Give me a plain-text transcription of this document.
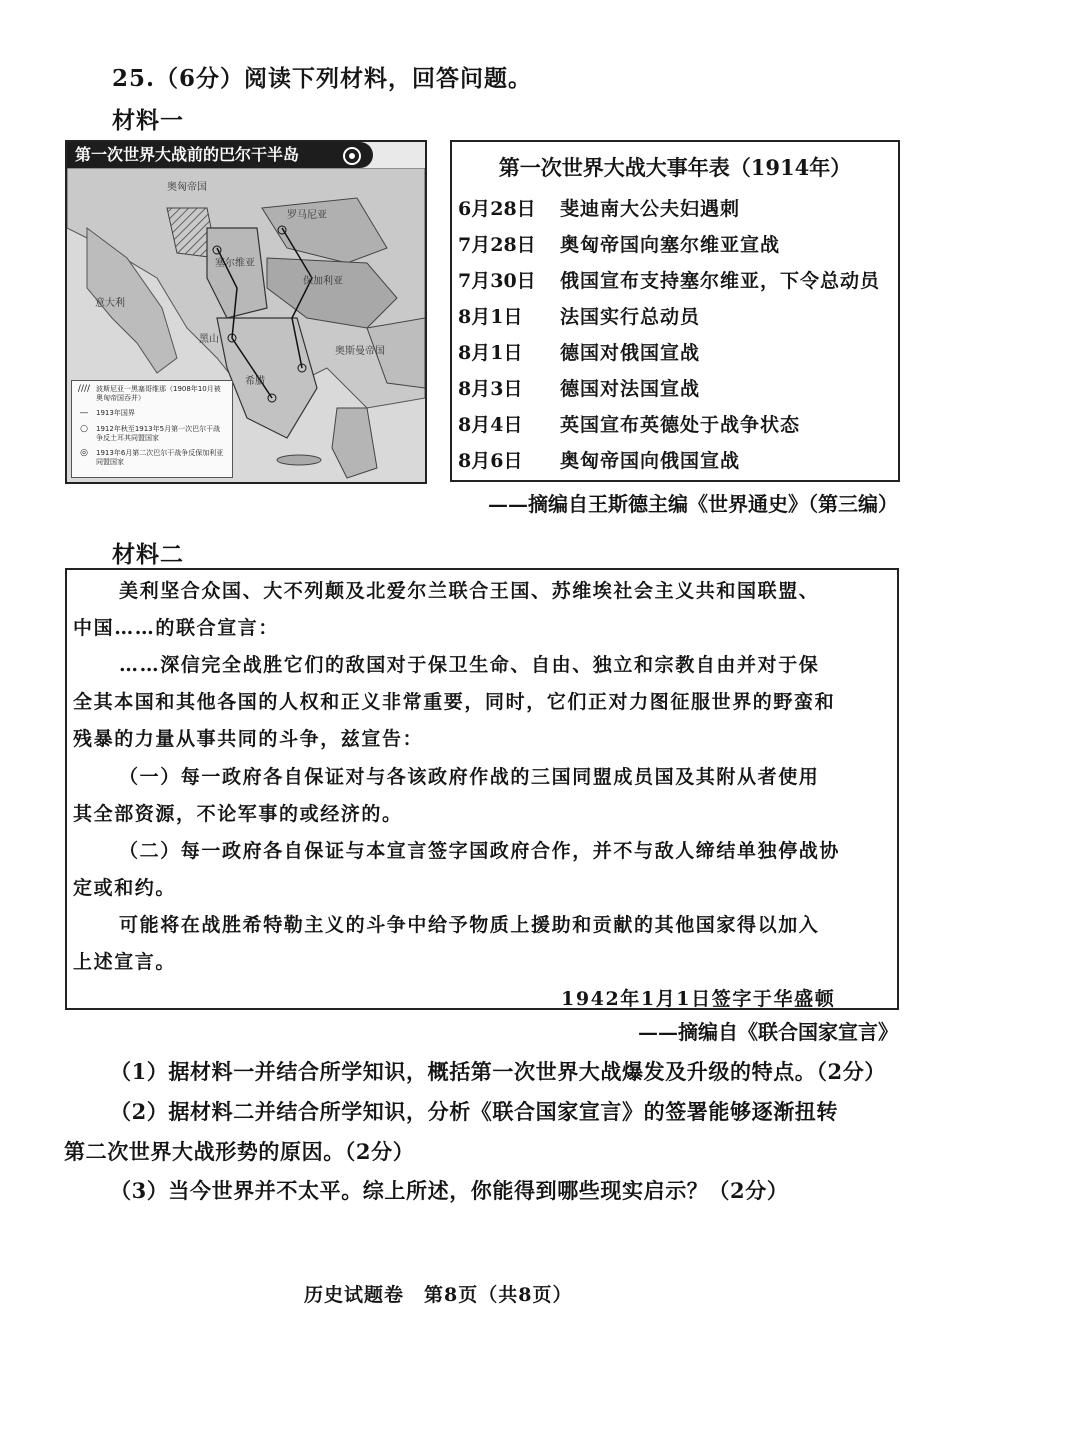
25.（6分）阅读下列材料，回答问题。
材料一
第一次世界大战前的巴尔干半岛
奥匈帝国
罗马尼亚
塞尔维亚
保加利亚
意大利
黑山
希腊
奥斯曼帝国
//// 波斯尼亚一黑塞哥维那（1908年10月被奥匈帝国吞并）
—	1913年国界
○	1912年秋至1913年5月第一次巴尔干战争反土耳其同盟国家
◎	1913年6月第二次巴尔干战争反保加利亚同盟国家
第一次世界大战大事年表（1914年）
6月28日	斐迪南大公夫妇遇刺
7月28日	奥匈帝国向塞尔维亚宣战
7月30日	俄国宣布支持塞尔维亚，下令总动员
8月1日	法国实行总动员
8月1日	德国对俄国宣战
8月3日	德国对法国宣战
8月4日	英国宣布英德处于战争状态
8月6日	奥匈帝国向俄国宣战
——摘编自王斯德主编《世界通史》（第三编）
材料二
美利坚合众国、大不列颠及北爱尔兰联合王国、苏维埃社会主义共和国联盟、
中国……的联合宣言：
……深信完全战胜它们的敌国对于保卫生命、自由、独立和宗教自由并对于保
全其本国和其他各国的人权和正义非常重要，同时，它们正对力图征服世界的野蛮和
残暴的力量从事共同的斗争，兹宣告：
（一）每一政府各自保证对与各该政府作战的三国同盟成员国及其附从者使用
其全部资源，不论军事的或经济的。
（二）每一政府各自保证与本宣言签字国政府合作，并不与敌人缔结单独停战协
定或和约。
可能将在战胜希特勒主义的斗争中给予物质上援助和贡献的其他国家得以加入
上述宣言。
1942年1月1日签字于华盛顿
——摘编自《联合国家宣言》
（1）据材料一并结合所学知识，概括第一次世界大战爆发及升级的特点。（2分）
（2）据材料二并结合所学知识，分析《联合国家宣言》的签署能够逐渐扭转
第二次世界大战形势的原因。（2分）
（3）当今世界并不太平。综上所述，你能得到哪些现实启示？（2分）
历史试题卷　第8页（共8页）
